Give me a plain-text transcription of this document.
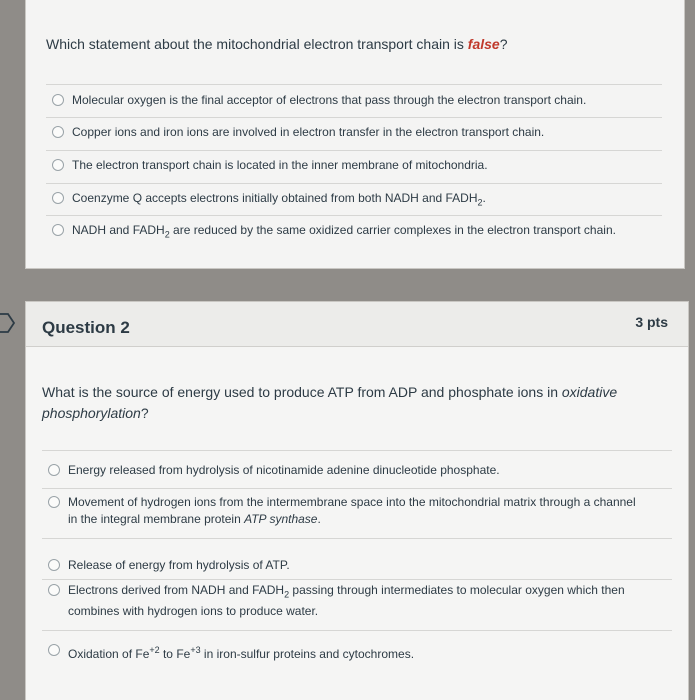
Which statement about the mitochondrial electron transport chain is false?
Molecular oxygen is the final acceptor of electrons that pass through the electron transport chain.
Copper ions and iron ions are involved in electron transfer in the electron transport chain.
The electron transport chain is located in the inner membrane of mitochondria.
Coenzyme Q accepts electrons initially obtained from both NADH and $FADH_2$.
NADH and $FADH_2$ are reduced by the same oxidized carrier complexes in the electron transport chain.
Question 2	3 pts
What is the source of energy used to produce ATP from ADP and phosphate ions in oxidative
phosphorylation?
Energy released from hydrolysis of nicotinamide adenine dinucleotide phosphate.
Movement of hydrogen ions from the intermembrane space into the mitochondrial matrix through a channel
in the integral membrane protein ATP synthase.
Release of energy from hydrolysis of ATP.
Electrons derived from NADH and $FADH_2$ passing through intermediates to molecular oxygen which then
combines with hydrogen ions to produce water.
Oxidation of $Fe^{+2}$ to $Fe^{+3}$ in iron-sulfur proteins and cytochromes.
